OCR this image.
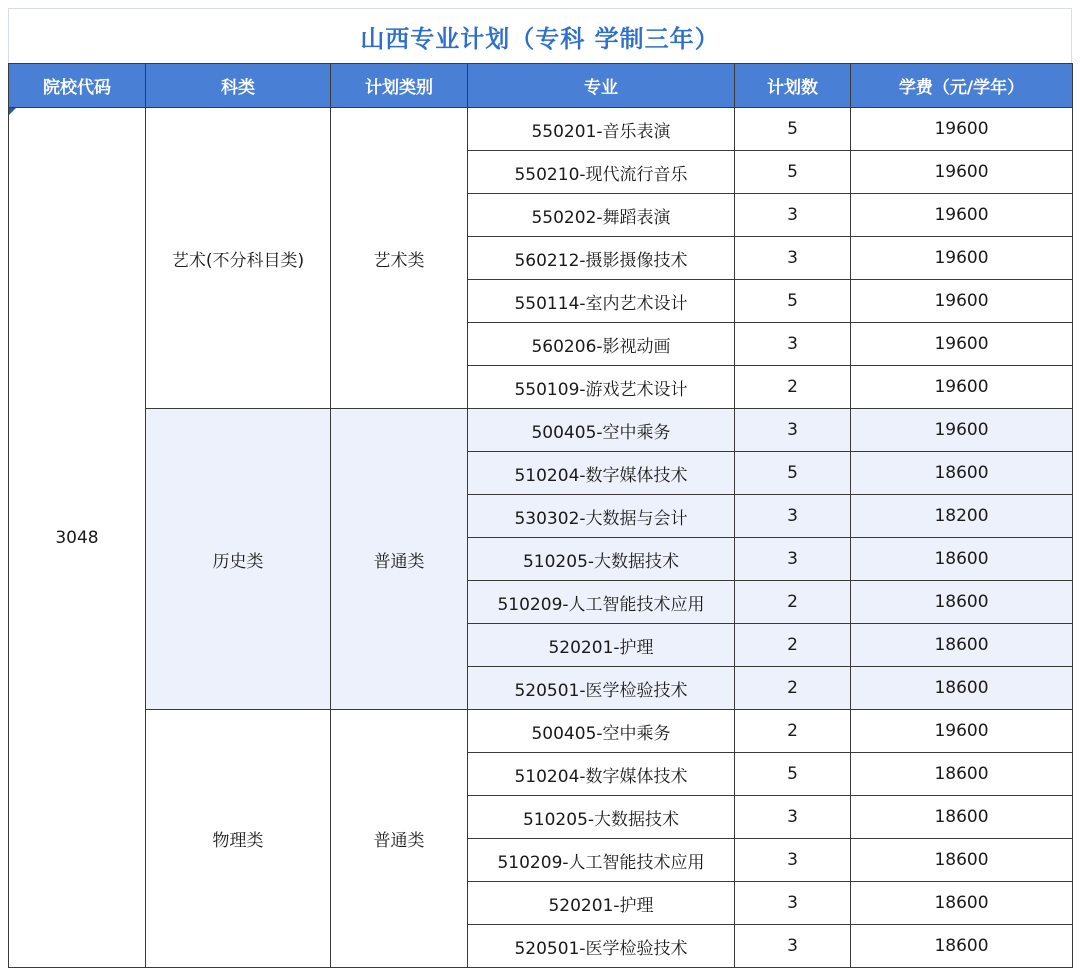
山西专业计划（专科 学制三年）
院校代码	科类	计划类别	专业	计划数	学费（元/学年）

3048	艺术(不分科目类)	艺术类	550201-音乐表演	5	19600
			550210-现代流行音乐	5	19600
			550202-舞蹈表演	3	19600
			560212-摄影摄像技术	3	19600
			550114-室内艺术设计	5	19600
			560206-影视动画	3	19600
			550109-游戏艺术设计	2	19600
	历史类	普通类	500405-空中乘务	3	19600
			510204-数字媒体技术	5	18600
			530302-大数据与会计	3	18200
			510205-大数据技术	3	18600
			510209-人工智能技术应用	2	18600
			520201-护理	2	18600
			520501-医学检验技术	2	18600
	物理类	普通类	500405-空中乘务	2	19600
			510204-数字媒体技术	5	18600
			510205-大数据技术	3	18600
			510209-人工智能技术应用	3	18600
			520201-护理	3	18600
			520501-医学检验技术	3	18600
